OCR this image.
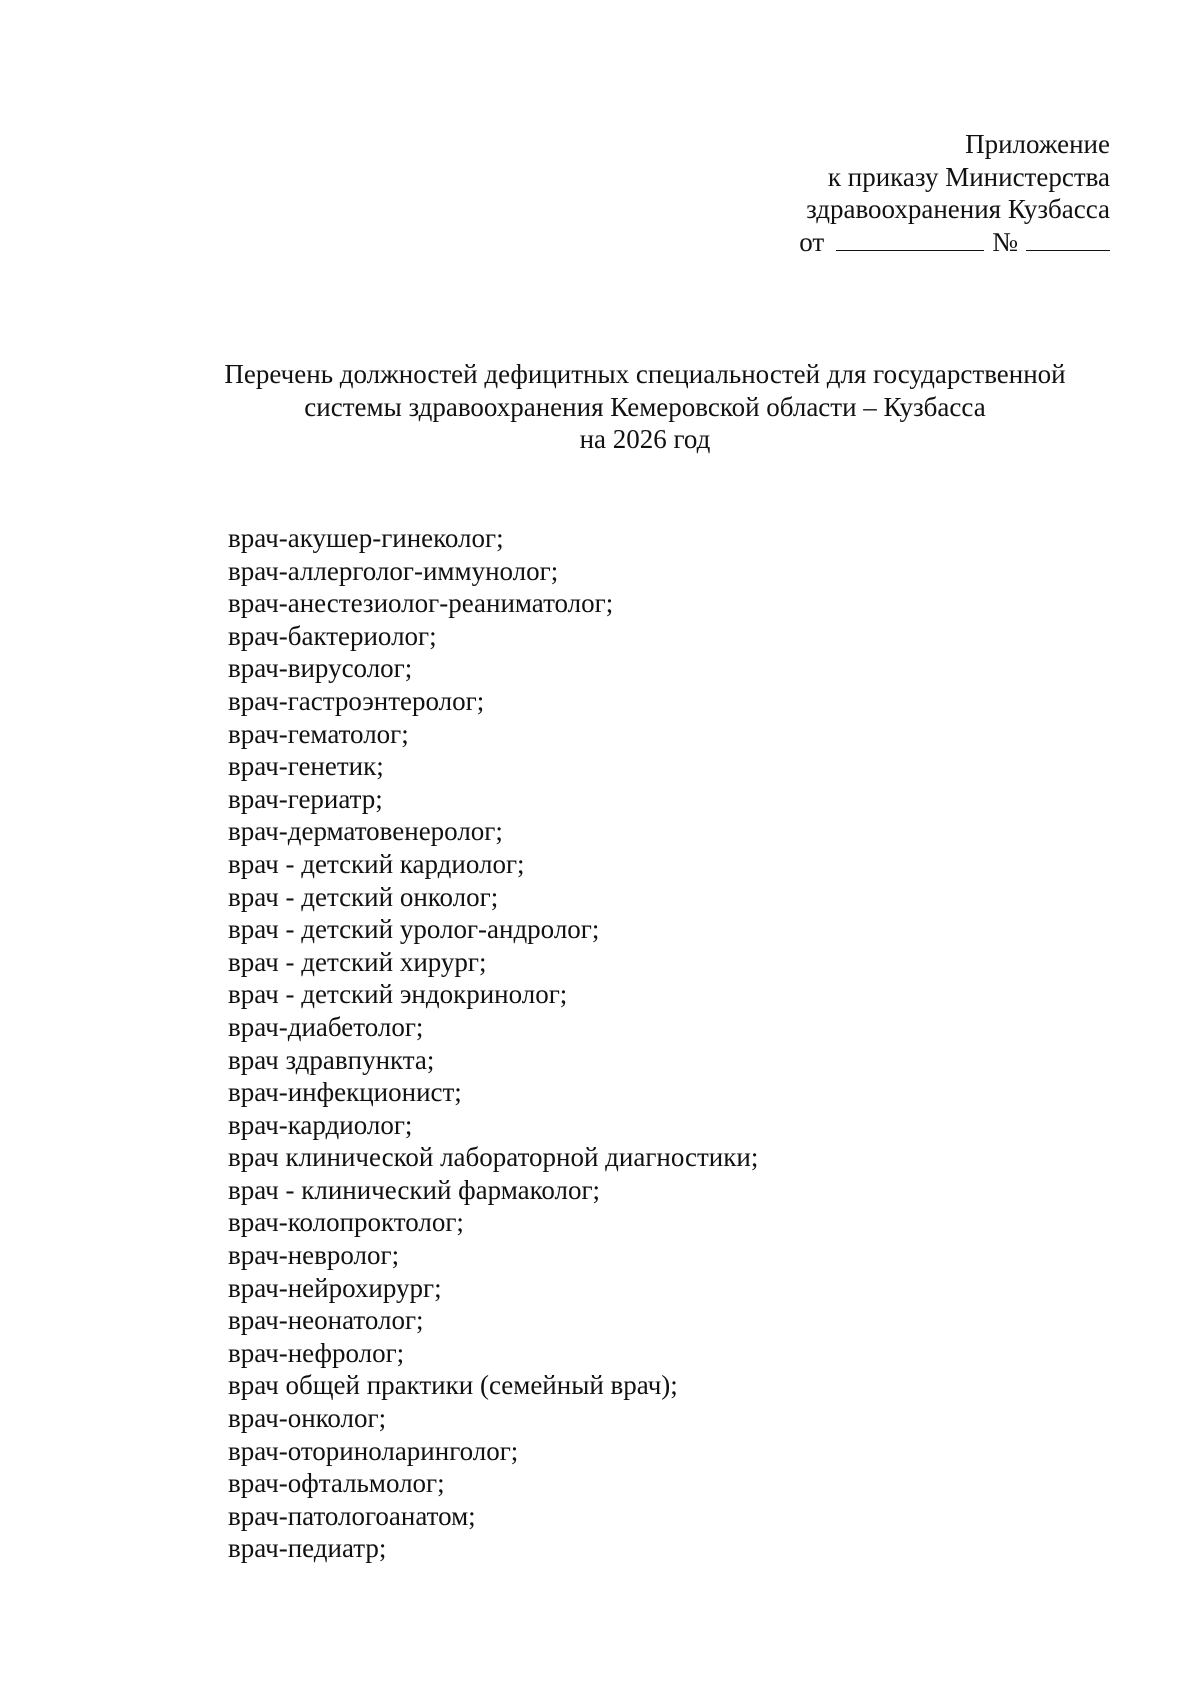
Приложение
к приказу Министерства
здравоохранения Кузбасса
от	№
Перечень должностей дефицитных специальностей для государственной
системы здравоохранения Кемеровской области – Кузбасса
на 2026 год
врач-акушер-гинеколог;
врач-аллерголог-иммунолог;
врач-анестезиолог-реаниматолог;
врач-бактериолог;
врач-вирусолог;
врач-гастроэнтеролог;
врач-гематолог;
врач-генетик;
врач-гериатр;
врач-дерматовенеролог;
врач - детский кардиолог;
врач - детский онколог;
врач - детский уролог-андролог;
врач - детский хирург;
врач - детский эндокринолог;
врач-диабетолог;
врач здравпункта;
врач-инфекционист;
врач-кардиолог;
врач клинической лабораторной диагностики;
врач - клинический фармаколог;
врач-колопроктолог;
врач-невролог;
врач-нейрохирург;
врач-неонатолог;
врач-нефролог;
врач общей практики (семейный врач);
врач-онколог;
врач-оториноларинголог;
врач-офтальмолог;
врач-патологоанатом;
врач-педиатр;
